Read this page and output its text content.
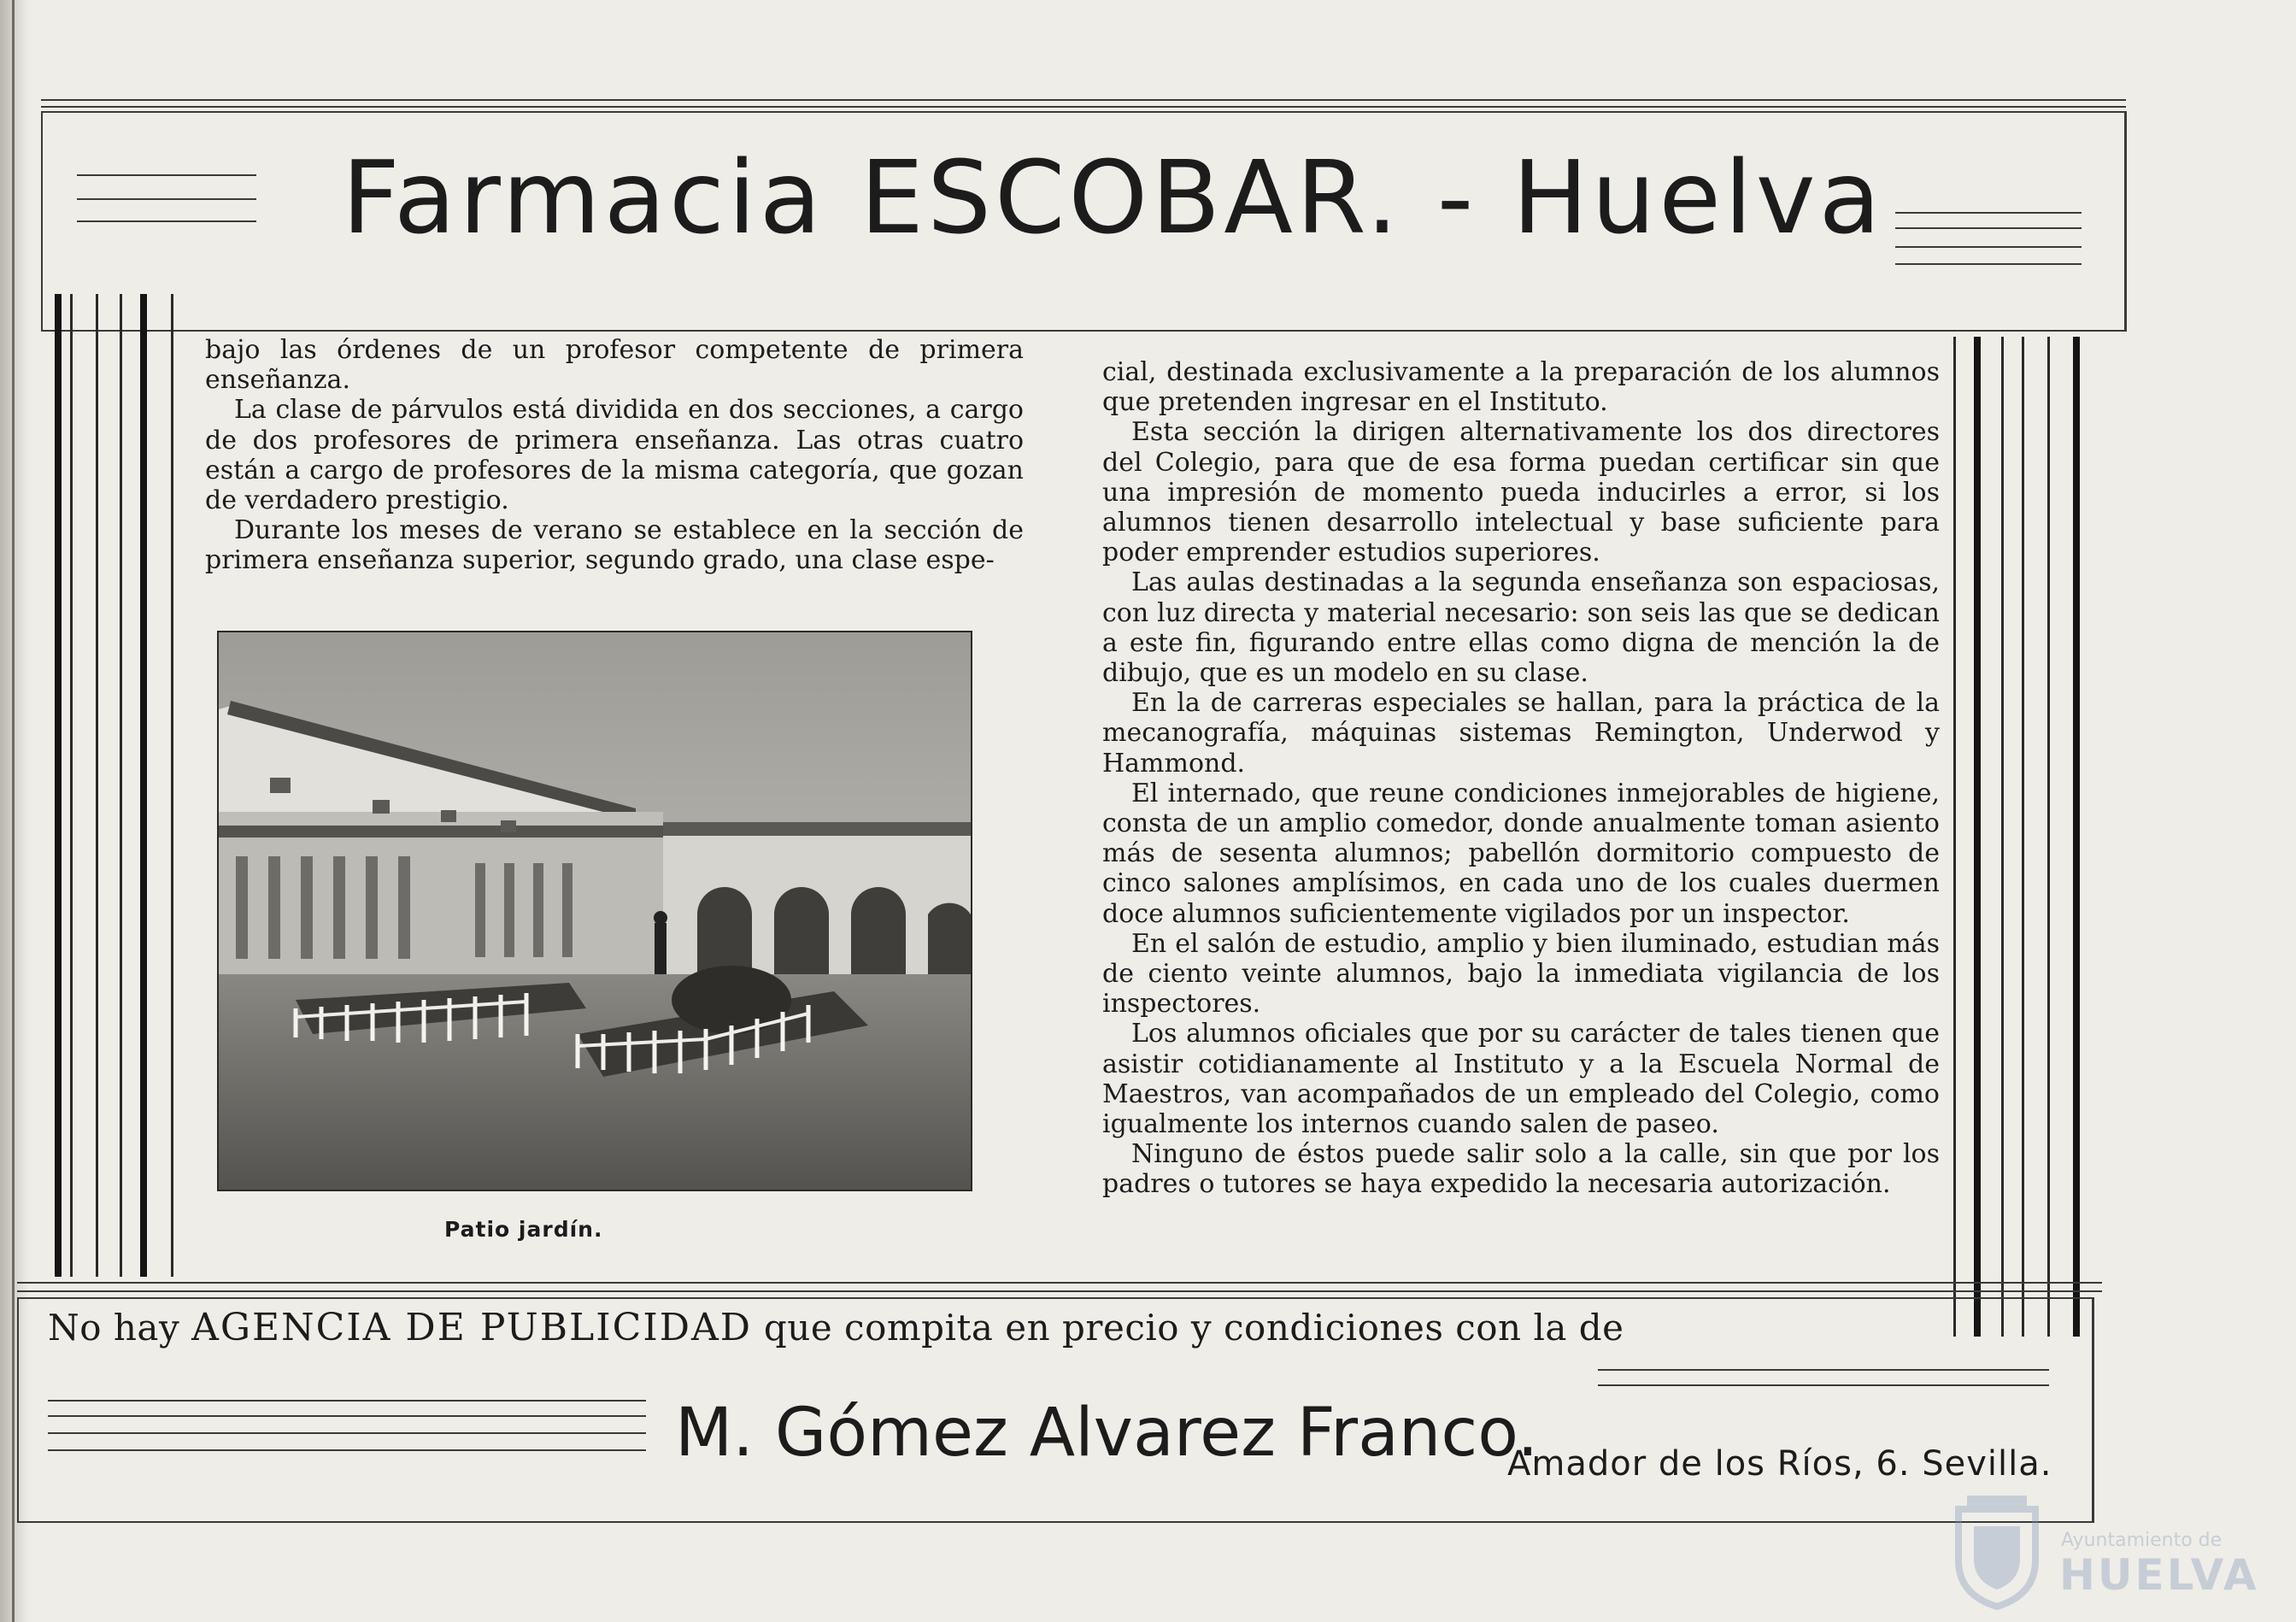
Farmacia ESCOBAR. - Huelva

bajo las órdenes de un profesor competente de primera enseñanza.

La clase de párvulos está dividida en dos secciones, a cargo de dos profesores de primera enseñanza. Las otras cuatro están a cargo de profesores de la misma categoría, que gozan de verdadero prestigio.

Durante los meses de verano se establece en la sección de primera enseñanza superior, segundo grado, una clase espe-

Patio jardín.

cial, destinada exclusivamente a la preparación de los alumnos que pretenden ingresar en el Instituto.

Esta sección la dirigen alternativamente los dos directores del Colegio, para que de esa forma puedan certificar sin que una impresión de momento pueda inducirles a error, si los alumnos tienen desarrollo intelectual y base suficiente para poder emprender estudios superiores.

Las aulas destinadas a la segunda enseñanza son espaciosas, con luz directa y material necesario: son seis las que se dedican a este fin, figurando entre ellas como digna de mención la de dibujo, que es un modelo en su clase.

En la de carreras especiales se hallan, para la práctica de la mecanografía, máquinas sistemas Remington, Underwod y Hammond.

El internado, que reune condiciones inmejorables de higiene, consta de un amplio comedor, donde anualmente toman asiento más de sesenta alumnos; pabellón dormitorio compuesto de cinco salones amplísimos, en cada uno de los cuales duermen doce alumnos suficientemente vigilados por un inspector.

En el salón de estudio, amplio y bien iluminado, estudian más de ciento veinte alumnos, bajo la inmediata vigilancia de los inspectores.

Los alumnos oficiales que por su carácter de tales tienen que asistir cotidianamente al Instituto y a la Escuela Normal de Maestros, van acompañados de un empleado del Colegio, como igualmente los internos cuando salen de paseo.

Ninguno de éstos puede salir solo a la calle, sin que por los padres o tutores se haya expedido la necesaria autorización.

No hay AGENCIA DE PUBLICIDAD que compita en precio y condiciones con la de
M. Gómez Alvarez Franco.
Amador de los Ríos, 6. Sevilla.
Ayuntamiento de
HUELVA
